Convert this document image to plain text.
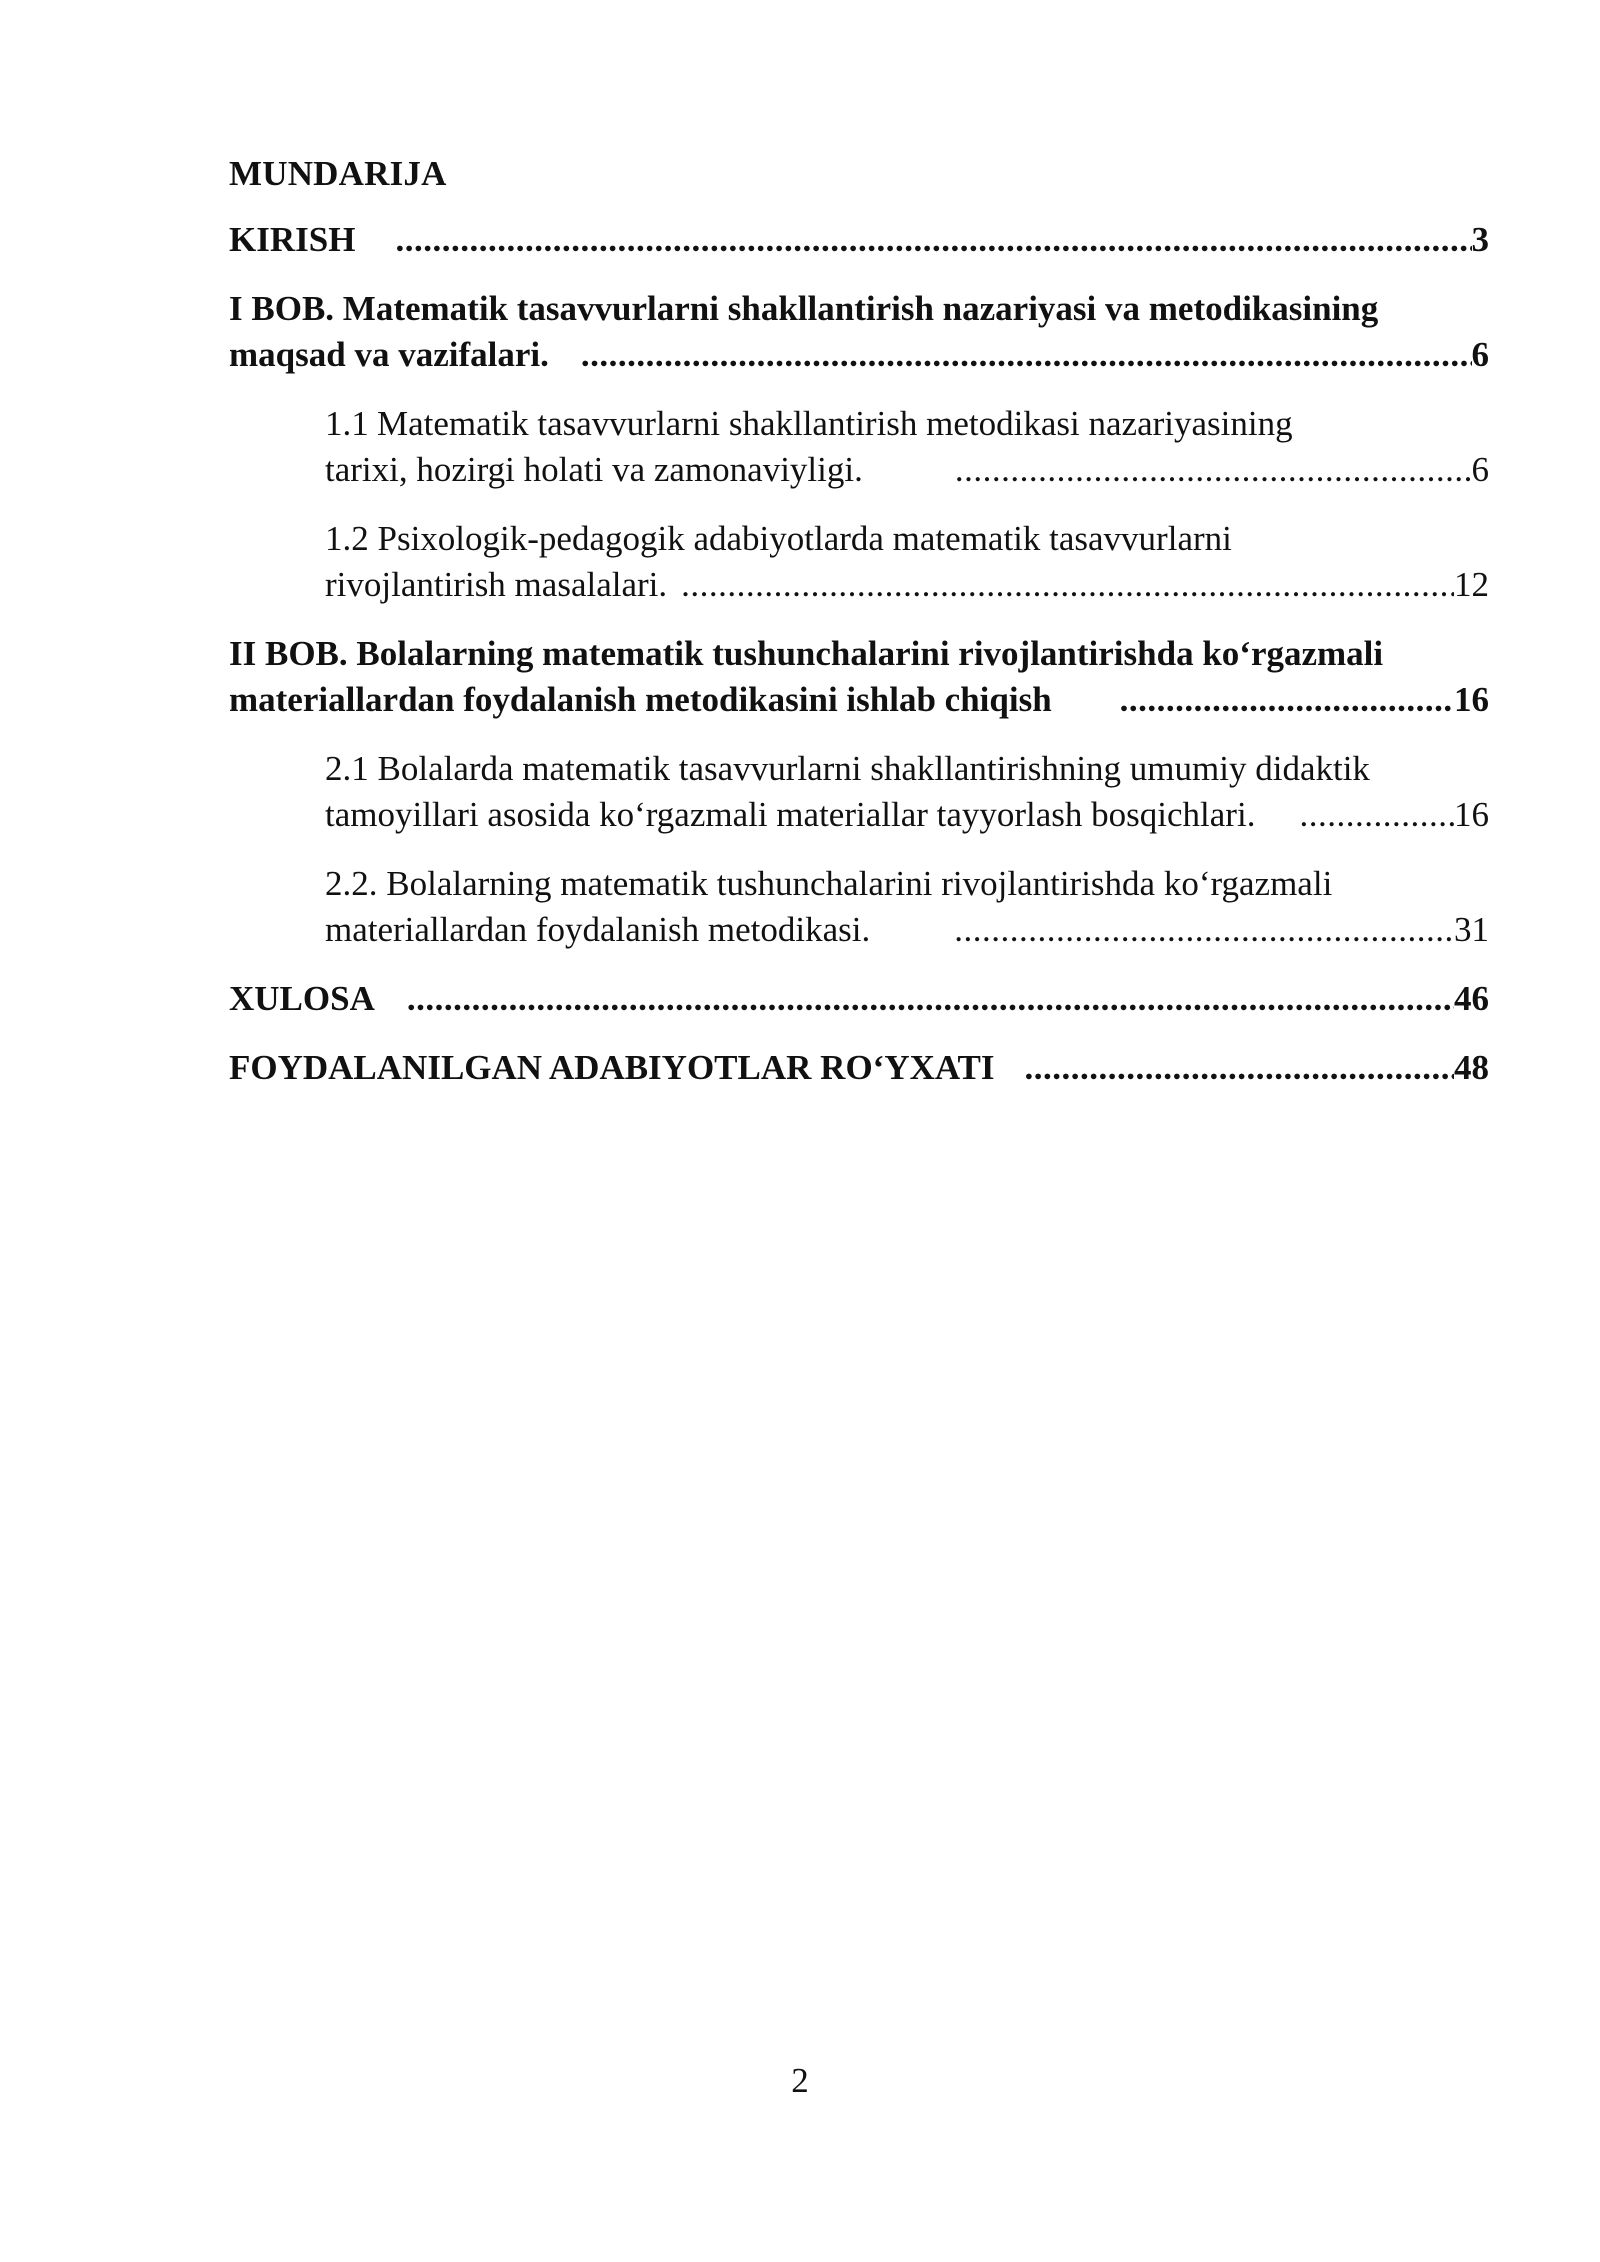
MUNDARIJA
KIRISH .....	3
I BOB. Matematik tasavvurlarni shakllantirish nazariyasi va metodikasining
maqsad va vazifalari. .....	6
1.1 Matematik tasavvurlarni shakllantirish metodikasi nazariyasining
tarixi, hozirgi holati va zamonaviyligi. .....	6
1.2 Psixologik-pedagogik adabiyotlarda matematik tasavvurlarni
rivojlantirish masalalari. .....	12
II BOB. Bolalarning matematik tushunchalarini rivojlantirishda ko‘rgazmali
materiallardan foydalanish metodikasini ishlab chiqish .....	16
2.1 Bolalarda matematik tasavvurlarni shakllantirishning umumiy didaktik
tamoyillari asosida ko‘rgazmali materiallar tayyorlash bosqichlari. .....	16
2.2. Bolalarning matematik tushunchalarini rivojlantirishda ko‘rgazmali
materiallardan foydalanish metodikasi. .....	31
XULOSA .....	46
FOYDALANILGAN ADABIYOTLAR RO‘YXATI .....	48
2
